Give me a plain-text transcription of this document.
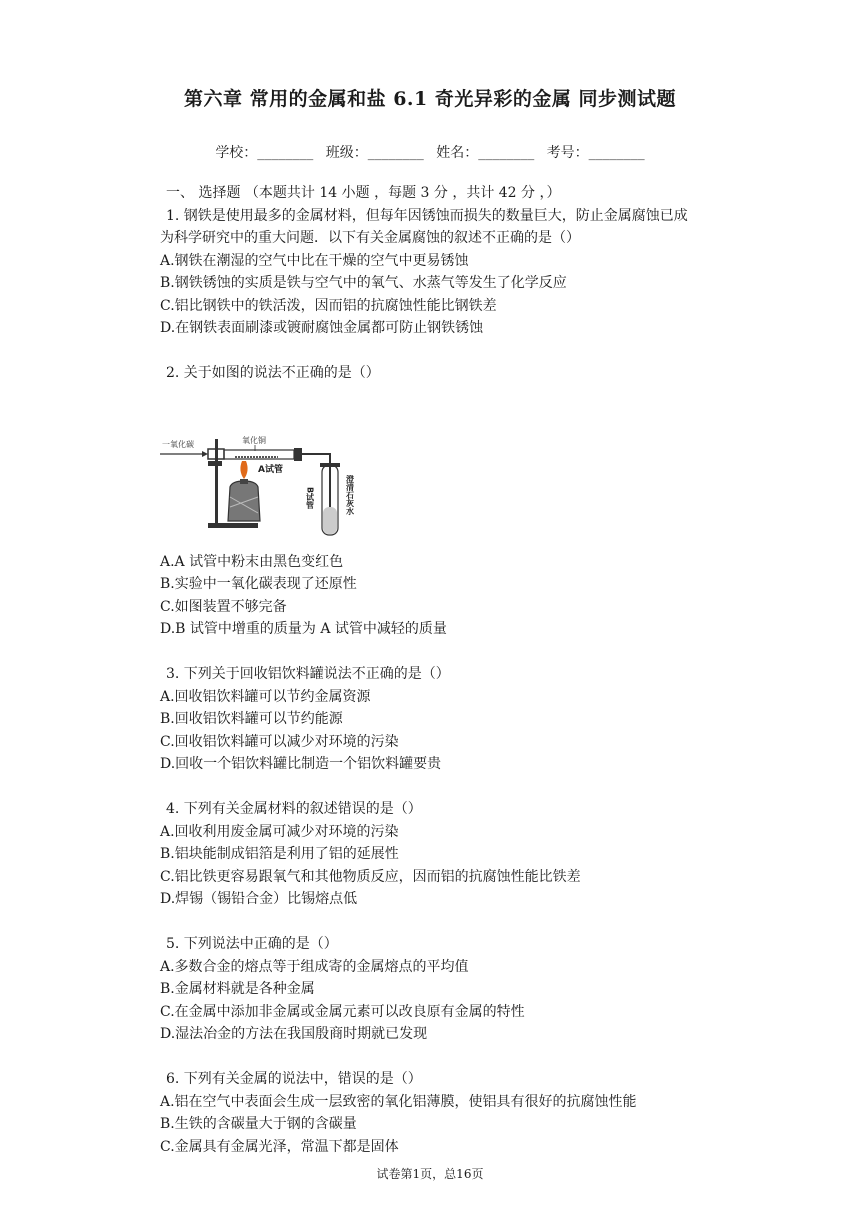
第六章 常用的金属和盐 6.1 奇光异彩的金属 同步测试题
学校：________ 班级：________ 姓名：________ 考号：________
一、 选择题 （本题共计 14 小题 ，每题 3 分 ，共计 42 分 ，）
1. 钢铁是使用最多的金属材料，但每年因锈蚀而损失的数量巨大，防止金属腐蚀已成
为科学研究中的重大问题．以下有关金属腐蚀的叙述不正确的是（）
A.钢铁在潮湿的空气中比在干燥的空气中更易锈蚀
B.钢铁锈蚀的实质是铁与空气中的氧气、水蒸气等发生了化学反应
C.铝比钢铁中的铁活泼，因而铝的抗腐蚀性能比钢铁差
D.在钢铁表面刷漆或镀耐腐蚀金属都可防止钢铁锈蚀
2. 关于如图的说法不正确的是（）
一氧化碳	氧化铜
A试管
B试管	澄清石灰水
A.A 试管中粉末由黑色变红色
B.实验中一氧化碳表现了还原性
C.如图装置不够完备
D.B 试管中增重的质量为 A 试管中减轻的质量
3. 下列关于回收铝饮料罐说法不正确的是（）
A.回收铝饮料罐可以节约金属资源
B.回收铝饮料罐可以节约能源
C.回收铝饮料罐可以减少对环境的污染
D.回收一个铝饮料罐比制造一个铝饮料罐要贵
4. 下列有关金属材料的叙述错误的是（）
A.回收利用废金属可减少对环境的污染
B.铝块能制成铝箔是利用了铝的延展性
C.铝比铁更容易跟氧气和其他物质反应，因而铝的抗腐蚀性能比铁差
D.焊锡（锡铅合金）比锡熔点低
5. 下列说法中正确的是（）
A.多数合金的熔点等于组成寄的金属熔点的平均值
B.金属材料就是各种金属
C.在金属中添加非金属或金属元素可以改良原有金属的特性
D.湿法冶金的方法在我国殷商时期就已发现
6. 下列有关金属的说法中，错误的是（）
A.铝在空气中表面会生成一层致密的氧化铝薄膜，使铝具有很好的抗腐蚀性能
B.生铁的含碳量大于钢的含碳量
C.金属具有金属光泽，常温下都是固体
试卷第1页，总16页
